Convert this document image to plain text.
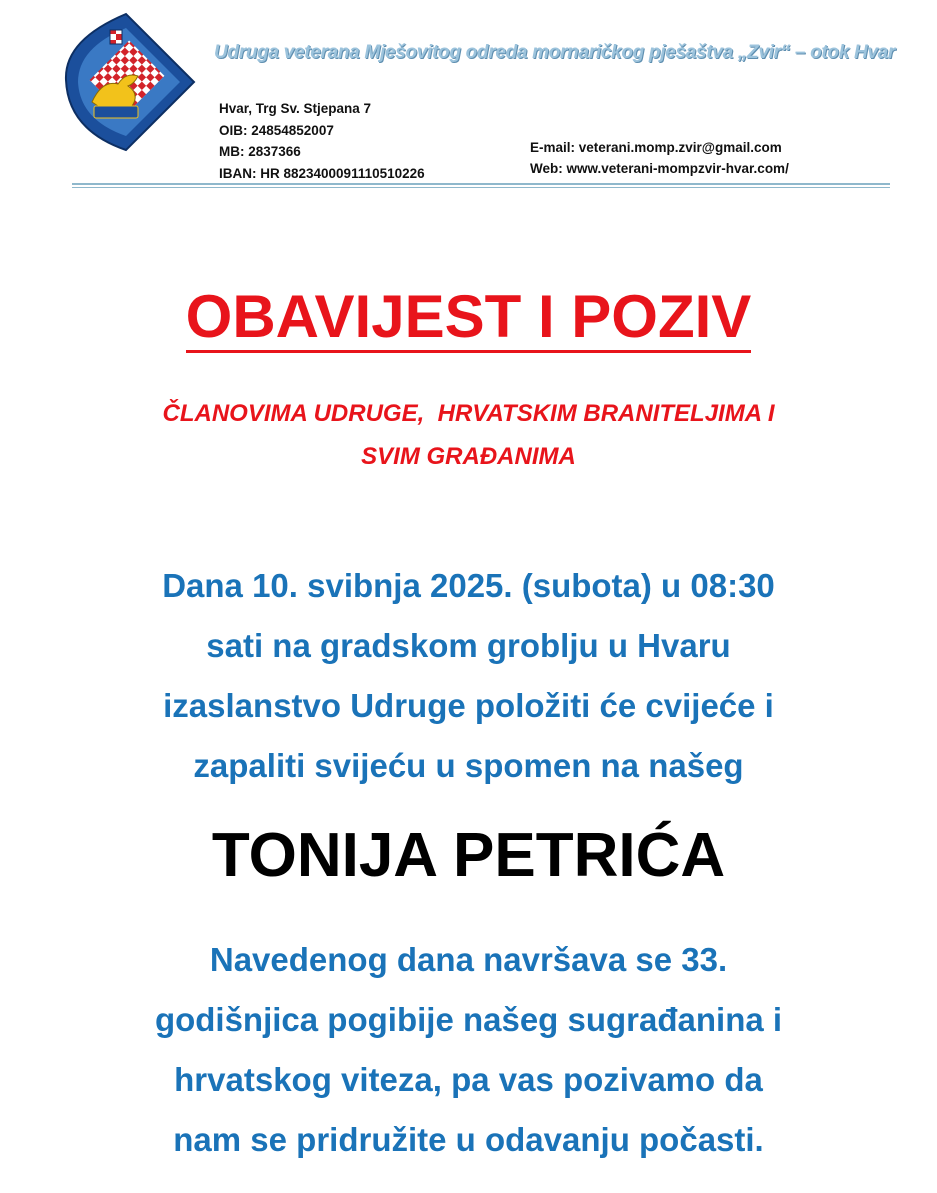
Udruga veterana Mješovitog odreda mornaričkog pješaštva „Zvir“ – otok Hvar
Hvar, Trg Sv. Stjepana 7
OIB: 24854852007
MB: 2837366
IBAN: HR 8823400091110510226
E-mail: veterani.momp.zvir@gmail.com
Web: www.veterani-mompzvir-hvar.com/
OBAVIJEST I POZIV
ČLANOVIMA UDRUGE,  HRVATSKIM BRANITELJIMA I
SVIM GRAĐANIMA
Dana 10. svibnja 2025. (subota) u 08:30
sati na gradskom groblju u Hvaru
izaslanstvo Udruge položiti će cvijeće i
zapaliti svijeću u spomen na našeg
TONIJA PETRIĆA
Navedenog dana navršava se 33.
godišnjica pogibije našeg sugrađanina i
hrvatskog viteza, pa vas pozivamo da
nam se pridružite u odavanju počasti.
